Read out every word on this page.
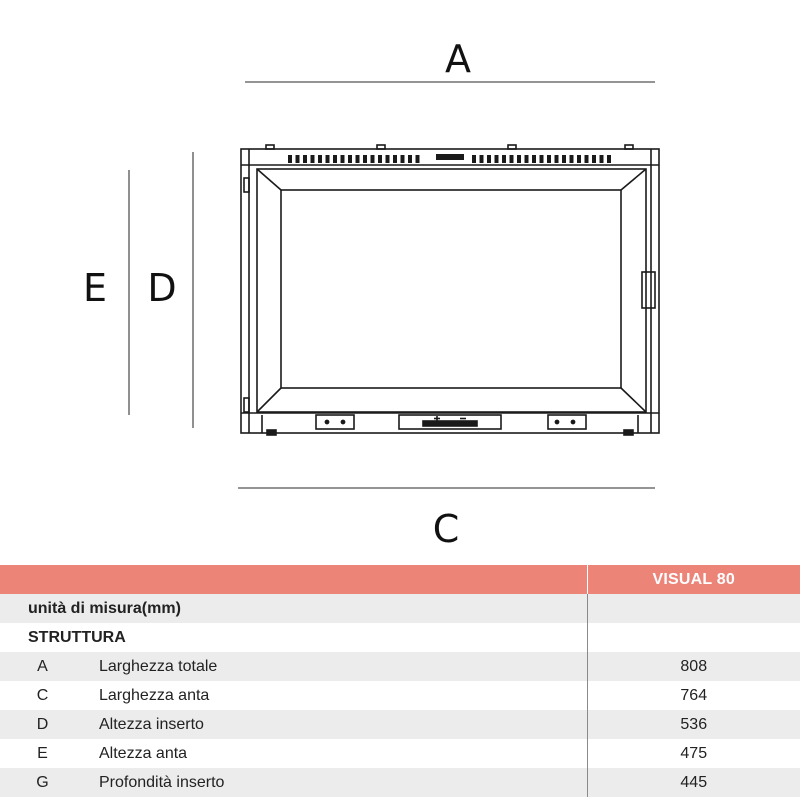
A
C
E D
		VISUAL 80
unità di misura(mm)		
STRUTTURA		
A	Larghezza totale	808
C	Larghezza anta	764
D	Altezza inserto	536
E	Altezza anta	475
G	Profondità inserto	445
